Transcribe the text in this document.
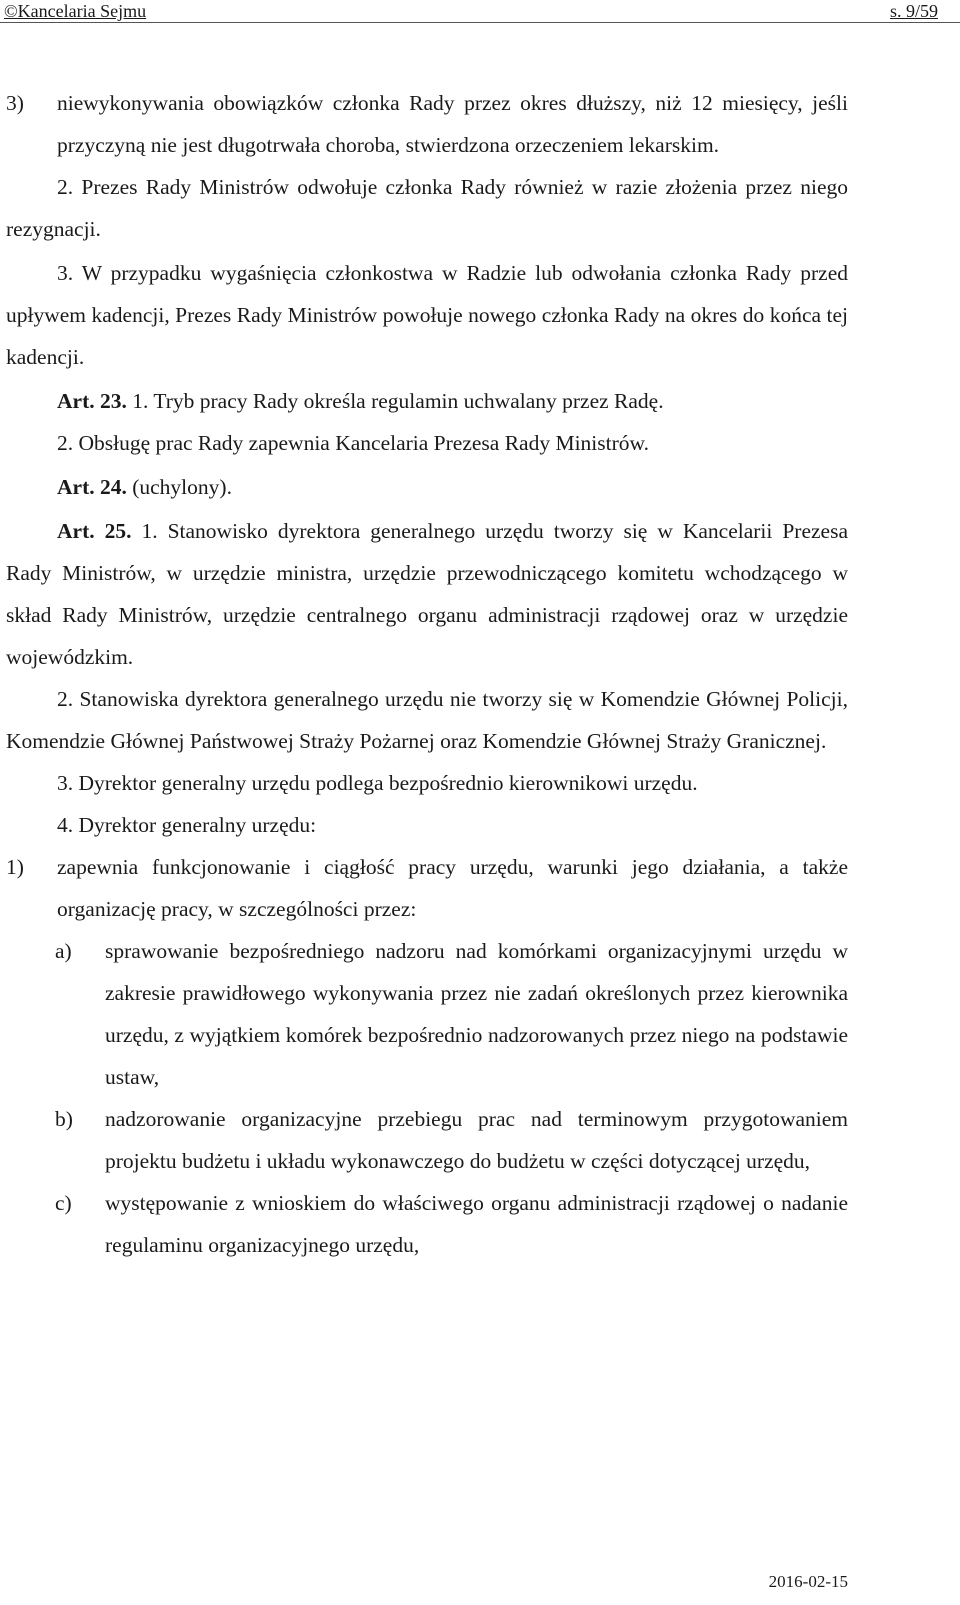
©Kancelaria Sejmu	s. 9/59
3)	niewykonywania obowiązków członka Rady przez okres dłuższy, niż 12 miesięcy, jeśli przyczyną nie jest długotrwała choroba, stwierdzona orzeczeniem lekarskim.

2. Prezes Rady Ministrów odwołuje członka Rady również w razie złożenia przez niego rezygnacji.

3. W przypadku wygaśnięcia członkostwa w Radzie lub odwołania członka Rady przed upływem kadencji, Prezes Rady Ministrów powołuje nowego członka Rady na okres do końca tej kadencji.

Art. 23. 1. Tryb pracy Rady określa regulamin uchwalany przez Radę.

2. Obsługę prac Rady zapewnia Kancelaria Prezesa Rady Ministrów.

Art. 24. (uchylony).

Art. 25. 1. Stanowisko dyrektora generalnego urzędu tworzy się w Kancelarii Prezesa Rady Ministrów, w urzędzie ministra, urzędzie przewodniczącego komitetu wchodzącego w skład Rady Ministrów, urzędzie centralnego organu administracji rządowej oraz w urzędzie wojewódzkim.

2. Stanowiska dyrektora generalnego urzędu nie tworzy się w Komendzie Głównej Policji, Komendzie Głównej Państwowej Straży Pożarnej oraz Komendzie Głównej Straży Granicznej.

3. Dyrektor generalny urzędu podlega bezpośrednio kierownikowi urzędu.

4. Dyrektor generalny urzędu:

1)	zapewnia funkcjonowanie i ciągłość pracy urzędu, warunki jego działania, a także organizację pracy, w szczególności przez:
a)	sprawowanie bezpośredniego nadzoru nad komórkami organizacyjnymi urzędu w zakresie prawidłowego wykonywania przez nie zadań określonych przez kierownika urzędu, z wyjątkiem komórek bezpośrednio nadzorowanych przez niego na podstawie ustaw,
b)	nadzorowanie organizacyjne przebiegu prac nad terminowym przygotowaniem projektu budżetu i układu wykonawczego do budżetu w części dotyczącej urzędu,
c)	występowanie z wnioskiem do właściwego organu administracji rządowej o nadanie regulaminu organizacyjnego urzędu,
2016-02-15
